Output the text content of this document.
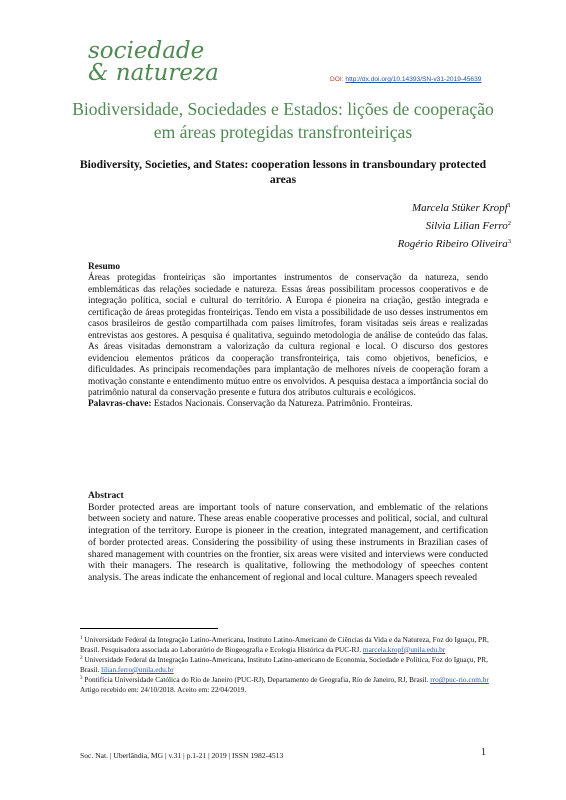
sociedade
& natureza	DOI: http://dx.doi.org/10.14393/SN-v31-2019-45639
Biodiversidade, Sociedades e Estados: lições de cooperação em áreas protegidas transfronteiriças
Biodiversity, Societies, and States: cooperation lessons in transboundary protected areas
Marcela Stüker Kropf$^1$
Silvia Lilian Ferro$^2$
Rogério Ribeiro Oliveira$^3$
Resumo
Áreas protegidas fronteiriças são importantes instrumentos de conservação da natureza, sendo emblemáticas das relações sociedade e natureza. Essas áreas possibilitam processos cooperativos e de integração política, social e cultural do território. A Europa é pioneira na criação, gestão integrada e certificação de áreas protegidas fronteiriças. Tendo em vista a possibilidade de uso desses instrumentos em casos brasileiros de gestão compartilhada com países limítrofes, foram visitadas seis áreas e realizadas entrevistas aos gestores. A pesquisa é qualitativa, seguindo metodologia de análise de conteúdo das falas. As áreas visitadas demonstram a valorização da cultura regional e local. O discurso dos gestores evidenciou elementos práticos da cooperação transfronteiriça, tais como objetivos, benefícios, e dificuldades. As principais recomendações para implantação de melhores níveis de cooperação foram a motivação constante e entendimento mútuo entre os envolvidos. A pesquisa destaca a importância social do patrimônio natural da conservação presente e futura dos atributos culturais e ecológicos.
Palavras-chave: Estados Nacionais. Conservação da Natureza. Patrimônio. Fronteiras.
Abstract
Border protected areas are important tools of nature conservation, and emblematic of the relations between society and nature. These areas enable cooperative processes and political, social, and cultural integration of the territory. Europe is pioneer in the creation, integrated management, and certification of border protected areas. Considering the possibility of using these instruments in Brazilian cases of shared management with countries on the frontier, six areas were visited and interviews were conducted with their managers. The research is qualitative, following the methodology of speeches content analysis. The areas indicate the enhancement of regional and local culture. Managers speech revealed

$^1$ Universidade Federal da Integração Latino-Americana, Instituto Latino-Americano de Ciências da Vida e da Natureza, Foz do Iguaçu, PR, Brasil. Pesquisadora associada ao Laboratório de Biogeografia e Ecologia Histórica da PUC-RJ. marcela.kropf@unila.edu.br

$^2$ Universidade Federal da Integração Latino-Americana, Instituto Latino-americano de Economia, Sociedade e Política, Foz do Iguaçu, PR, Brasil. lilian.ferro@unila.edu.br

$^3$ Pontifícia Universidade Católica do Rio de Janeiro (PUC-RJ), Departamento de Geografia, Rio de Janeiro, RJ, Brasil. rro@puc-rio.com.br

Artigo recebido em: 24/10/2018. Aceito em: 22/04/2019.

Soc. Nat. | Uberlândia, MG | v.31 | p.1-21 | 2019 | ISSN 1982-4513	1
